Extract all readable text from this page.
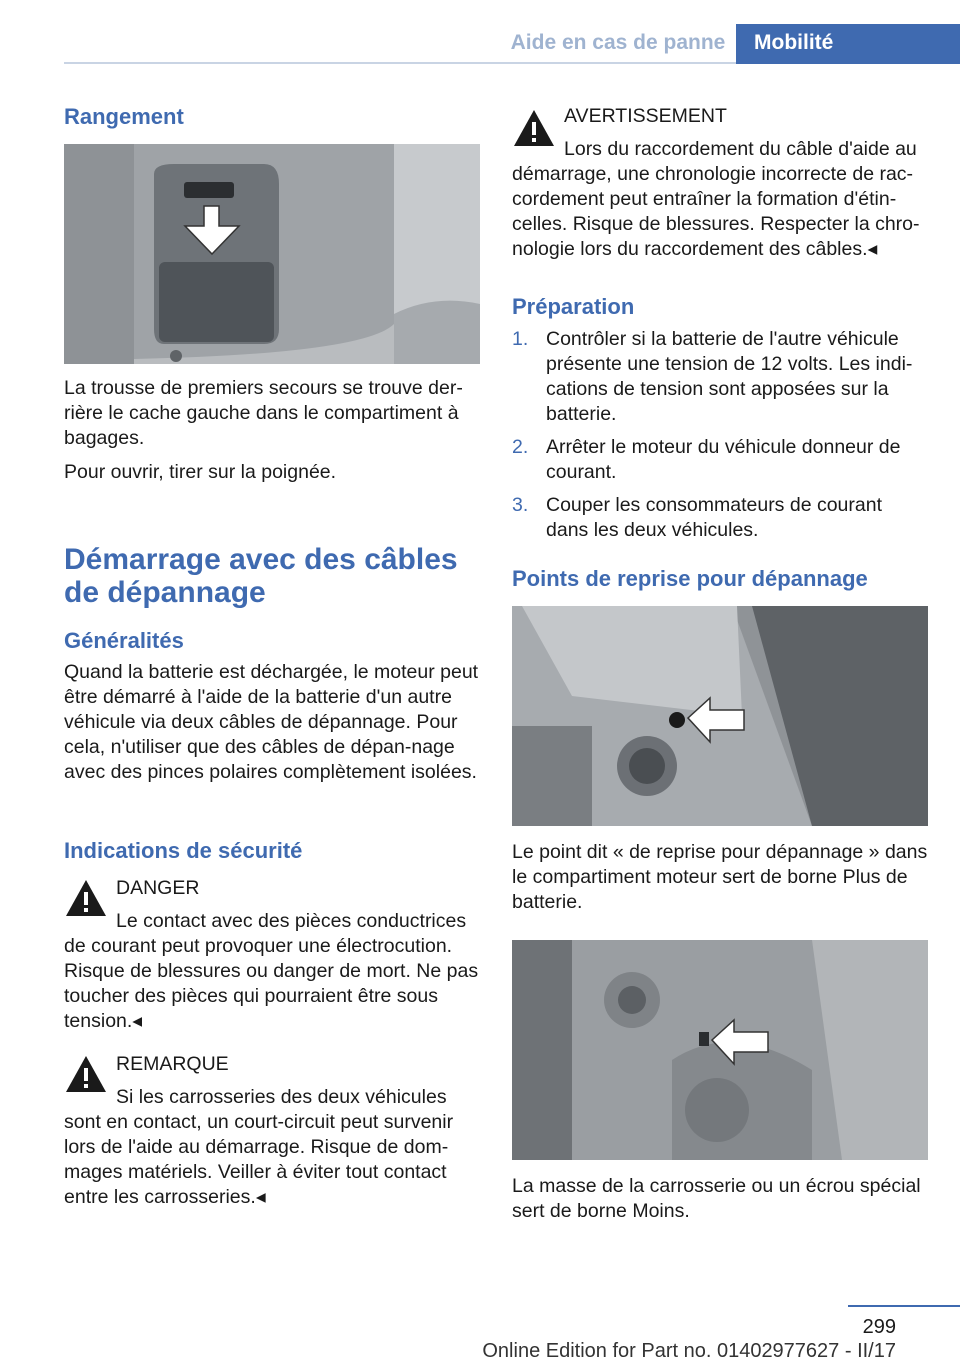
Aide en cas de panne	Mobilité
Rangement

La trousse de premiers secours se trouve der-rière le cache gauche dans le compartiment à bagages.

Pour ouvrir, tirer sur la poignée.

Démarrage avec des câbles de dépannage
Généralités

Quand la batterie est déchargée, le moteur peut être démarré à l'aide de la batterie d'un autre véhicule via deux câbles de dépannage. Pour cela, n'utiliser que des câbles de dépan-nage avec des pinces polaires complètement isolées.

Indications de sécurité
DANGER

Le contact avec des pièces conductrices de courant peut provoquer une électrocution. Risque de blessures ou danger de mort. Ne pas toucher des pièces qui pourraient être sous tension.◂

REMARQUE

Si les carrosseries des deux véhicules sont en contact, un court-circuit peut survenir lors de l'aide au démarrage. Risque de dom-mages matériels. Veiller à éviter tout contact entre les carrosseries.◂

AVERTISSEMENT

Lors du raccordement du câble d'aide au démarrage, une chronologie incorrecte de rac-cordement peut entraîner la formation d'étin-celles. Risque de blessures. Respecter la chro-nologie lors du raccordement des câbles.◂

Préparation
1. Contrôler si la batterie de l'autre véhicule présente une tension de 12 volts. Les indi-cations de tension sont apposées sur la batterie.
2. Arrêter le moteur du véhicule donneur de courant.
3. Couper les consommateurs de courant dans les deux véhicules.
Points de reprise pour dépannage

Le point dit « de reprise pour dépannage » dans le compartiment moteur sert de borne Plus de batterie.

La masse de la carrosserie ou un écrou spécial sert de borne Moins.

299
Online Edition for Part no. 01402977627 - II/17
